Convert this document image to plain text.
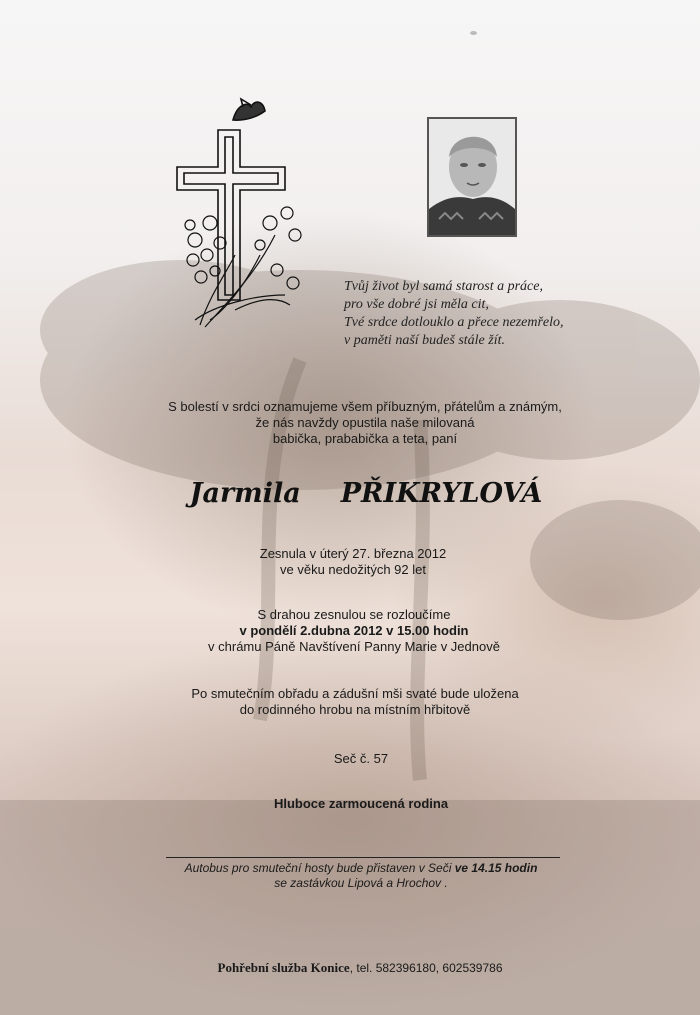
Tvůj život byl samá starost a práce,
pro vše dobré jsi měla cit,
Tvé srdce dotlouklo a přece nezemřelo,
v paměti naší budeš stále žít.
S bolestí v srdci oznamujeme všem příbuzným, přátelům a známým,
že nás navždy opustila naše milovaná
babička, prababička a teta, paní
Jarmila PŘIKRYLOVÁ
Zesnula v úterý 27. března 2012
ve věku nedožitých 92 let
S drahou zesnulou se rozloučíme
v pondělí 2.dubna 2012 v 15.00 hodin
v chrámu Páně Navštívení Panny Marie v Jednově
Po smutečním obřadu a zádušní mši svaté bude uložena
do rodinného hrobu na místním hřbitově
Seč č. 57
Hluboce zarmoucená rodina
Autobus pro smuteční hosty bude přistaven v Seči ve 14.15 hodin
se zastávkou Lipová a Hrochov .
Pohřební služba Konice, tel. 582396180, 602539786
